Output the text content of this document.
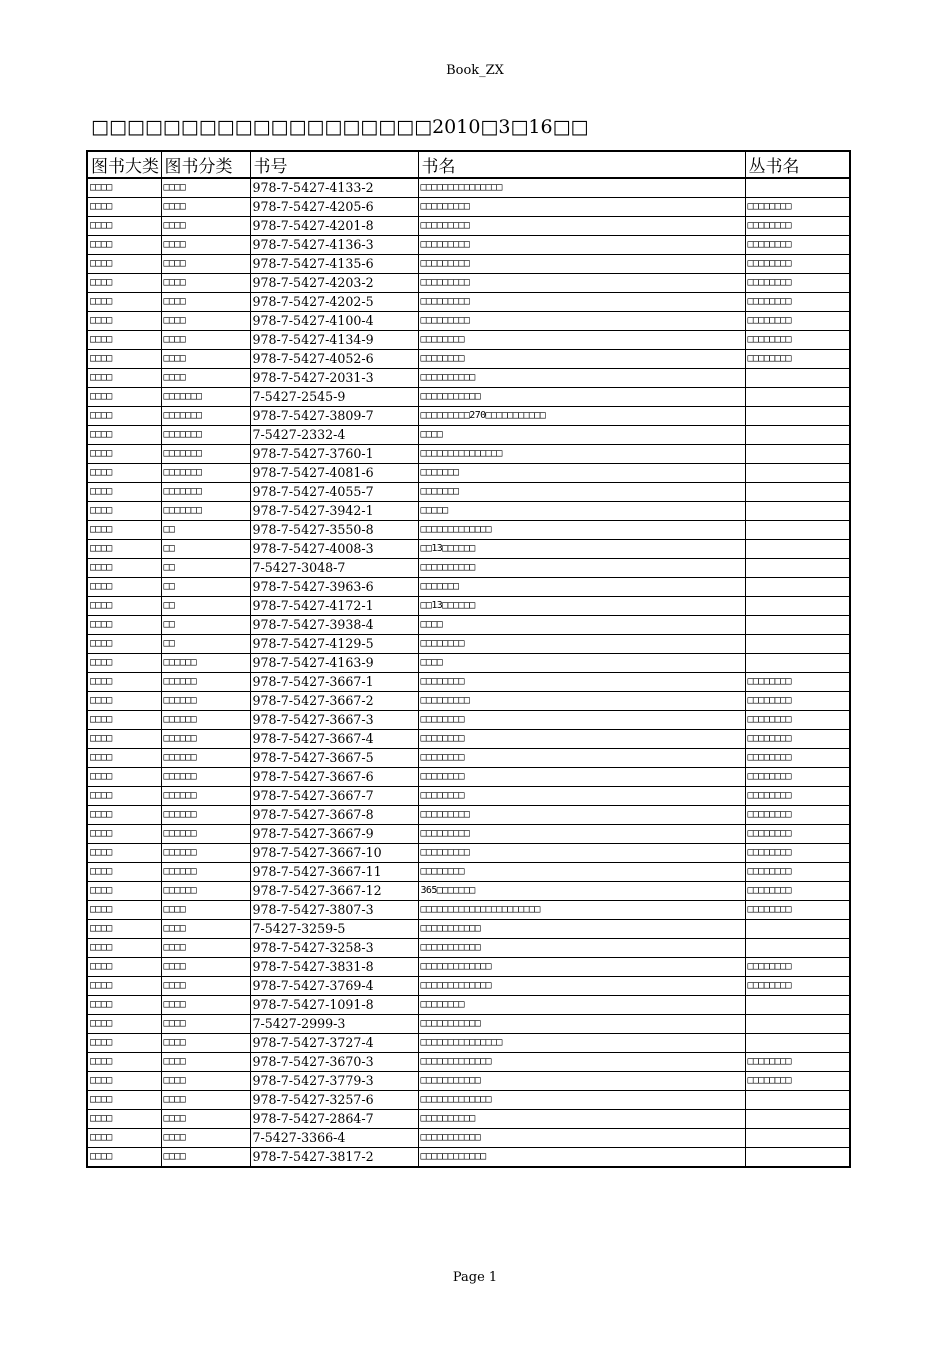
Book_ZX
□□□□□□□□□□□□□□□□□□□2010□3□16□□
图书大类	图书分类	书号	书名	丛书名
□□□□	□□□□	978-7-5427-4133-2	□□□□□□□□□□□□□□□	
□□□□	□□□□	978-7-5427-4205-6	□□□□□□□□□	□□□□□□□□
□□□□	□□□□	978-7-5427-4201-8	□□□□□□□□□	□□□□□□□□
□□□□	□□□□	978-7-5427-4136-3	□□□□□□□□□	□□□□□□□□
□□□□	□□□□	978-7-5427-4135-6	□□□□□□□□□	□□□□□□□□
□□□□	□□□□	978-7-5427-4203-2	□□□□□□□□□	□□□□□□□□
□□□□	□□□□	978-7-5427-4202-5	□□□□□□□□□	□□□□□□□□
□□□□	□□□□	978-7-5427-4100-4	□□□□□□□□□	□□□□□□□□
□□□□	□□□□	978-7-5427-4134-9	□□□□□□□□	□□□□□□□□
□□□□	□□□□	978-7-5427-4052-6	□□□□□□□□	□□□□□□□□
□□□□	□□□□	978-7-5427-2031-3	□□□□□□□□□□	
□□□□	□□□□□□□	7-5427-2545-9	□□□□□□□□□□□	
□□□□	□□□□□□□	978-7-5427-3809-7	□□□□□□□□□270□□□□□□□□□□□	
□□□□	□□□□□□□	7-5427-2332-4	□□□□	
□□□□	□□□□□□□	978-7-5427-3760-1	□□□□□□□□□□□□□□□	
□□□□	□□□□□□□	978-7-5427-4081-6	□□□□□□□	
□□□□	□□□□□□□	978-7-5427-4055-7	□□□□□□□	
□□□□	□□□□□□□	978-7-5427-3942-1	□□□□□	
□□□□	□□	978-7-5427-3550-8	□□□□□□□□□□□□□	
□□□□	□□	978-7-5427-4008-3	□□13□□□□□□	
□□□□	□□	7-5427-3048-7	□□□□□□□□□□	
□□□□	□□	978-7-5427-3963-6	□□□□□□□	
□□□□	□□	978-7-5427-4172-1	□□13□□□□□□	
□□□□	□□	978-7-5427-3938-4	□□□□	
□□□□	□□	978-7-5427-4129-5	□□□□□□□□	
□□□□	□□□□□□	978-7-5427-4163-9	□□□□	
□□□□	□□□□□□	978-7-5427-3667-1	□□□□□□□□	□□□□□□□□
□□□□	□□□□□□	978-7-5427-3667-2	□□□□□□□□□	□□□□□□□□
□□□□	□□□□□□	978-7-5427-3667-3	□□□□□□□□	□□□□□□□□
□□□□	□□□□□□	978-7-5427-3667-4	□□□□□□□□	□□□□□□□□
□□□□	□□□□□□	978-7-5427-3667-5	□□□□□□□□	□□□□□□□□
□□□□	□□□□□□	978-7-5427-3667-6	□□□□□□□□	□□□□□□□□
□□□□	□□□□□□	978-7-5427-3667-7	□□□□□□□□	□□□□□□□□
□□□□	□□□□□□	978-7-5427-3667-8	□□□□□□□□□	□□□□□□□□
□□□□	□□□□□□	978-7-5427-3667-9	□□□□□□□□□	□□□□□□□□
□□□□	□□□□□□	978-7-5427-3667-10	□□□□□□□□□	□□□□□□□□
□□□□	□□□□□□	978-7-5427-3667-11	□□□□□□□□	□□□□□□□□
□□□□	□□□□□□	978-7-5427-3667-12	365□□□□□□□	□□□□□□□□
□□□□	□□□□	978-7-5427-3807-3	□□□□□□□□□□□□□□□□□□□□□□	□□□□□□□□
□□□□	□□□□	7-5427-3259-5	□□□□□□□□□□□	
□□□□	□□□□	978-7-5427-3258-3	□□□□□□□□□□□	
□□□□	□□□□	978-7-5427-3831-8	□□□□□□□□□□□□□	□□□□□□□□
□□□□	□□□□	978-7-5427-3769-4	□□□□□□□□□□□□□	□□□□□□□□
□□□□	□□□□	978-7-5427-1091-8	□□□□□□□□	
□□□□	□□□□	7-5427-2999-3	□□□□□□□□□□□	
□□□□	□□□□	978-7-5427-3727-4	□□□□□□□□□□□□□□□	
□□□□	□□□□	978-7-5427-3670-3	□□□□□□□□□□□□□	□□□□□□□□
□□□□	□□□□	978-7-5427-3779-3	□□□□□□□□□□□	□□□□□□□□
□□□□	□□□□	978-7-5427-3257-6	□□□□□□□□□□□□□	
□□□□	□□□□	978-7-5427-2864-7	□□□□□□□□□□	
□□□□	□□□□	7-5427-3366-4	□□□□□□□□□□□	
□□□□	□□□□	978-7-5427-3817-2	□□□□□□□□□□□□	
Page 1
